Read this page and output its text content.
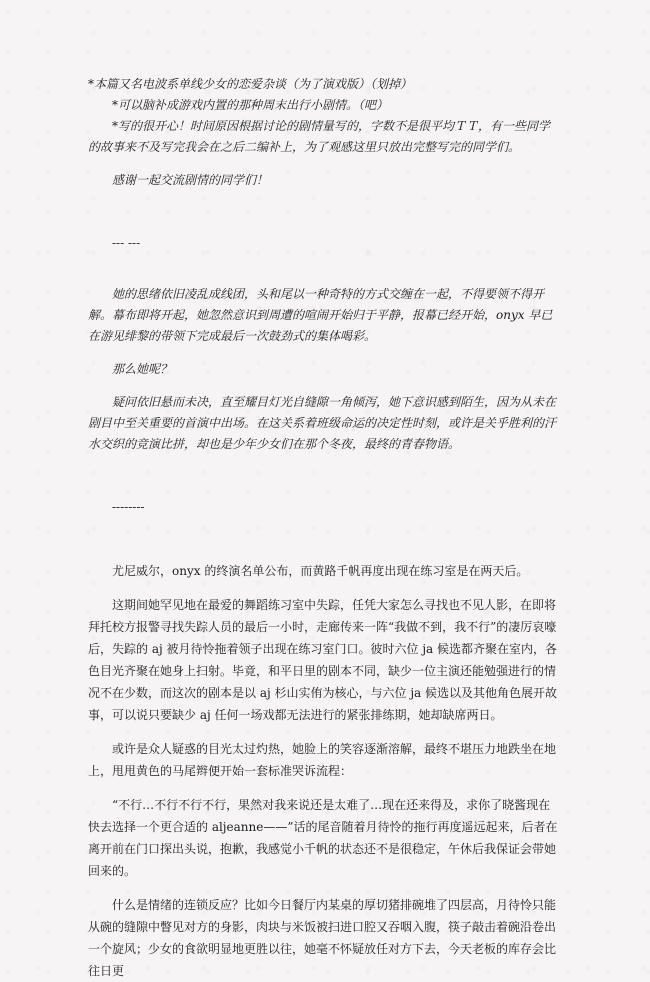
*本篇又名电波系单线少女的恋爱杂谈（为了演戏版）（划掉）

*可以脑补成游戏内置的那种周末出行小剧情。（吧）

*写的很开心！时间原因根据讨论的剧情量写的，字数不是很平均ＴＴ，有一些同学的故事来不及写完我会在之后二编补上，为了观感这里只放出完整写完的同学们。

感谢一起交流剧情的同学们！

--- ---

她的思绪依旧凌乱成线团，头和尾以一种奇特的方式交缠在一起，不得要领不得开解。幕布即将开起，她忽然意识到周遭的喧闹开始归于平静，报幕已经开始，onyx 早已在游见绯黎的带领下完成最后一次鼓劲式的集体喝彩。

那么她呢？

疑问依旧悬而未决，直至耀目灯光自缝隙一角倾泻，她下意识感到陌生，因为从未在剧目中至关重要的首演中出场。在这关系着班级命运的决定性时刻，或许是关乎胜利的汗水交织的竞演比拼，却也是少年少女们在那个冬夜，最终的青春物语。

--------

尤尼威尔，onyx 的终演名单公布，而黄路千帆再度出现在练习室是在两天后。

这期间她罕见地在最爱的舞蹈练习室中失踪，任凭大家怎么寻找也不见人影，在即将拜托校方报警寻找失踪人员的最后一小时，走廊传来一阵“我做不到，我不行”的凄厉哀嚎后，失踪的 aj 被月待怜拖着领子出现在练习室门口。彼时六位 ja 候选都齐聚在室内，各色目光齐聚在她身上扫射。毕竟，和平日里的剧本不同，缺少一位主演还能勉强进行的情况不在少数，而这次的剧本是以 aj 杉山实侑为核心，与六位 ja 候选以及其他角色展开故事，可以说只要缺少 aj 任何一场戏都无法进行的紧张排练期，她却缺席两日。

或许是众人疑惑的目光太过灼热，她脸上的笑容逐渐溶解，最终不堪压力地跌坐在地上，甩甩黄色的马尾辫便开始一套标准哭诉流程：

“不行…不行不行不行，果然对我来说还是太难了…现在还来得及，求你了晓酱现在快去选择一个更合适的 aljeanne——”话的尾音随着月待怜的拖行再度遥远起来，后者在离开前在门口探出头说，抱歉，我感觉小千帆的状态还不是很稳定，午休后我保证会带她回来的。

什么是情绪的连锁反应？比如今日餐厅内某桌的厚切猪排碗堆了四层高，月待怜只能从碗的缝隙中瞥见对方的身影，肉块与米饭被扫进口腔又吞咽入腹，筷子敲击着碗沿卷出一个旋风；少女的食欲明显地更胜以往，她毫不怀疑放任对方下去，今天老板的库存会比往日更
